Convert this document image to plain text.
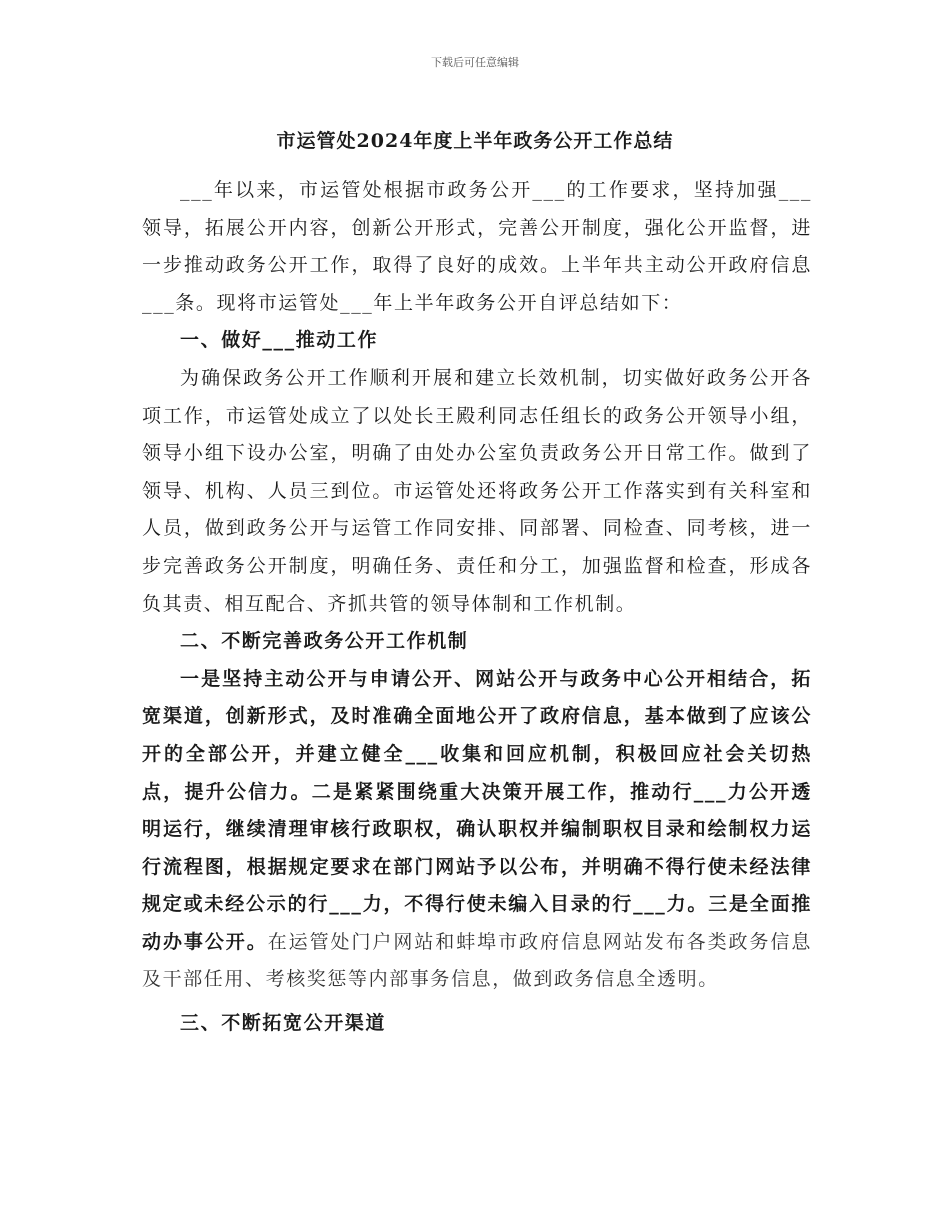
下载后可任意编辑
市运管处2024年度上半年政务公开工作总结

___年以来，市运管处根据市政务公开___的工作要求，坚持加强___领导，拓展公开内容，创新公开形式，完善公开制度，强化公开监督，进一步推动政务公开工作，取得了良好的成效。上半年共主动公开政府信息___条。现将市运管处___年上半年政务公开自评总结如下：

一、做好___推动工作

为确保政务公开工作顺利开展和建立长效机制，切实做好政务公开各项工作，市运管处成立了以处长王殿利同志任组长的政务公开领导小组，领导小组下设办公室，明确了由处办公室负责政务公开日常工作。做到了领导、机构、人员三到位。市运管处还将政务公开工作落实到有关科室和人员，做到政务公开与运管工作同安排、同部署、同检查、同考核，进一步完善政务公开制度，明确任务、责任和分工，加强监督和检查，形成各负其责、相互配合、齐抓共管的领导体制和工作机制。

二、不断完善政务公开工作机制

一是坚持主动公开与申请公开、网站公开与政务中心公开相结合，拓宽渠道，创新形式，及时准确全面地公开了政府信息，基本做到了应该公开的全部公开，并建立健全___收集和回应机制，积极回应社会关切热点，提升公信力。二是紧紧围绕重大决策开展工作，推动行___力公开透明运行，继续清理审核行政职权，确认职权并编制职权目录和绘制权力运行流程图，根据规定要求在部门网站予以公布，并明确不得行使未经法律规定或未经公示的行___力，不得行使未编入目录的行___力。三是全面推动办事公开。在运管处门户网站和蚌埠市政府信息网站发布各类政务信息及干部任用、考核奖惩等内部事务信息，做到政务信息全透明。

三、不断拓宽公开渠道
